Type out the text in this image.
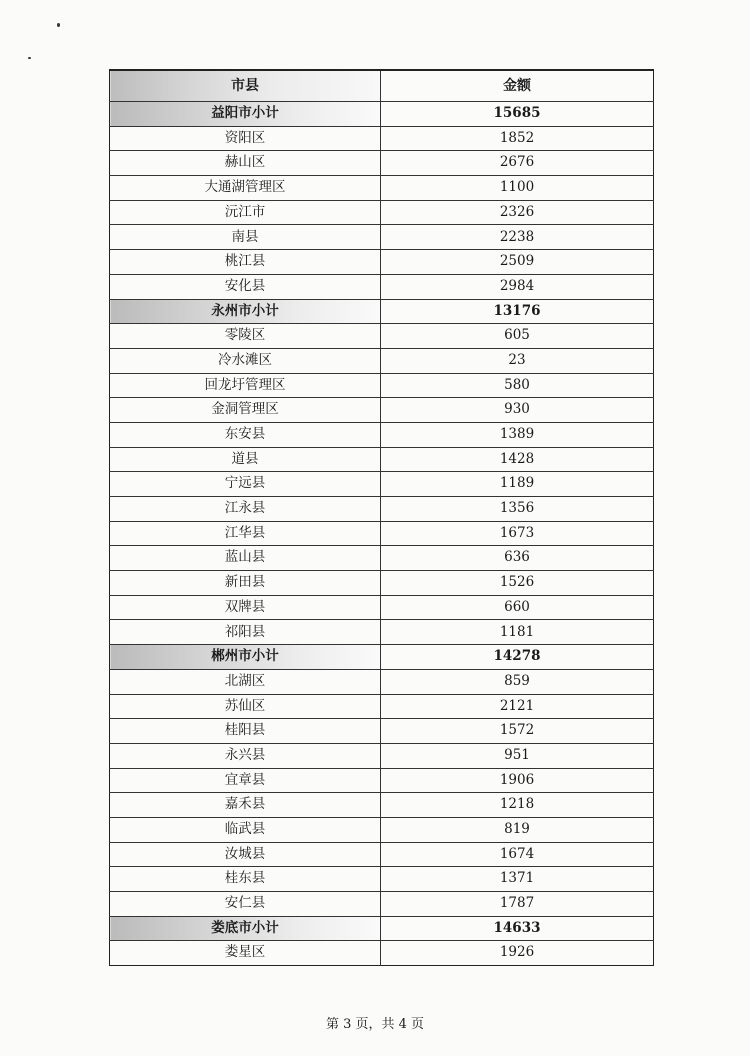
市县	金额
益阳市小计	15685
资阳区	1852
赫山区	2676
大通湖管理区	1100
沅江市	2326
南县	2238
桃江县	2509
安化县	2984
永州市小计	13176
零陵区	605
冷水滩区	23
回龙圩管理区	580
金洞管理区	930
东安县	1389
道县	1428
宁远县	1189
江永县	1356
江华县	1673
蓝山县	636
新田县	1526
双牌县	660
祁阳县	1181
郴州市小计	14278
北湖区	859
苏仙区	2121
桂阳县	1572
永兴县	951
宜章县	1906
嘉禾县	1218
临武县	819
汝城县	1674
桂东县	1371
安仁县	1787
娄底市小计	14633
娄星区	1926
第 3 页，共 4 页
